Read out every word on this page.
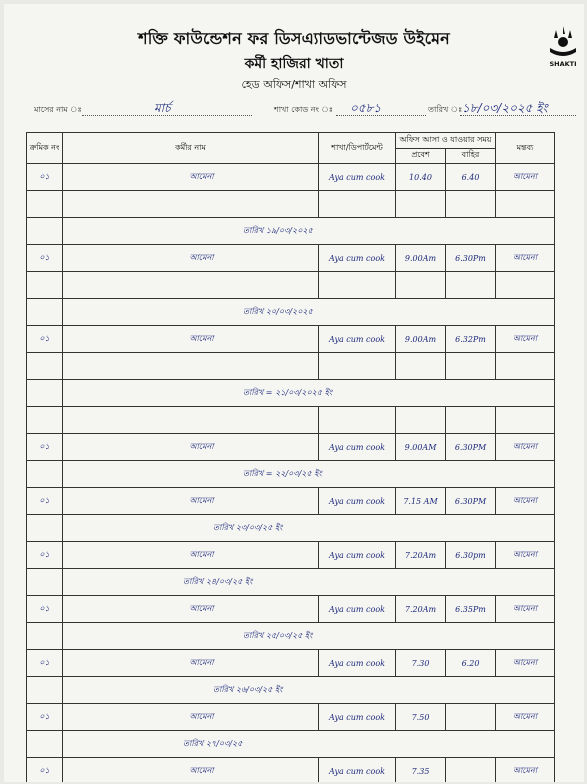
শক্তি ফাউন্ডেশন ফর ডিসএ্যাডভান্টেজড উইমেন
কর্মী হাজিরা খাতা
হেড অফিস/শাখা অফিস
SHAKTI
মাসের নাম ঃ	মার্চ	শাখা কোড নং ঃ ০৫৮১	তারিখ ঃ ১৮/০৩/২০২৫ ইং
ক্রমিক নং	কর্মীর নাম	শাখা/ডিপার্টমেন্ট	অফিস আসা ও যাওয়ার সময়		মন্তব্য
			প্রবেশ	বাহির	
০১	আমেনা	Aya cum cook	10.40	6.40	আমেনা

	তারিখ ১৯/০৩/২০২৫				
০১	আমেনা	Aya cum cook	9.00Am	6.30Pm	আমেনা

	তারিখ ২০/০৩/২০২৫				
০১	আমেনা	Aya cum cook	9.00Am	6.32Pm	আমেনা

	তারিখ = ২১/০৩/২০২৫ ইং				

০১	আমেনা	Aya cum cook	9.00AM	6.30PM	আমেনা
	তারিখ = ২২/০৩/২৫ ইং				
০১	আমেনা	Aya cum cook	7.15 AM	6.30PM	আমেনা
	তারিখ ২৩/০৩/২৫ ইং				
০১	আমেনা	Aya cum cook	7.20Am	6.30pm	আমেনা
	তারিখ ২৪/০৩/২৫ ইং				
০১	আমেনা	Aya cum cook	7.20Am	6.35Pm	আমেনা
	তারিখ ২৫/০৩/২৫ ইং				
০১	আমেনা	Aya cum cook	7.30	6.20	আমেনা
	তারিখ ২৬/০৩/২৫ ইং				
০১	আমেনা	Aya cum cook	7.50		আমেনা
	তারিখ ২৭/০৩/২৫				
০১	আমেনা	Aya cum cook	7.35		আমেনা
